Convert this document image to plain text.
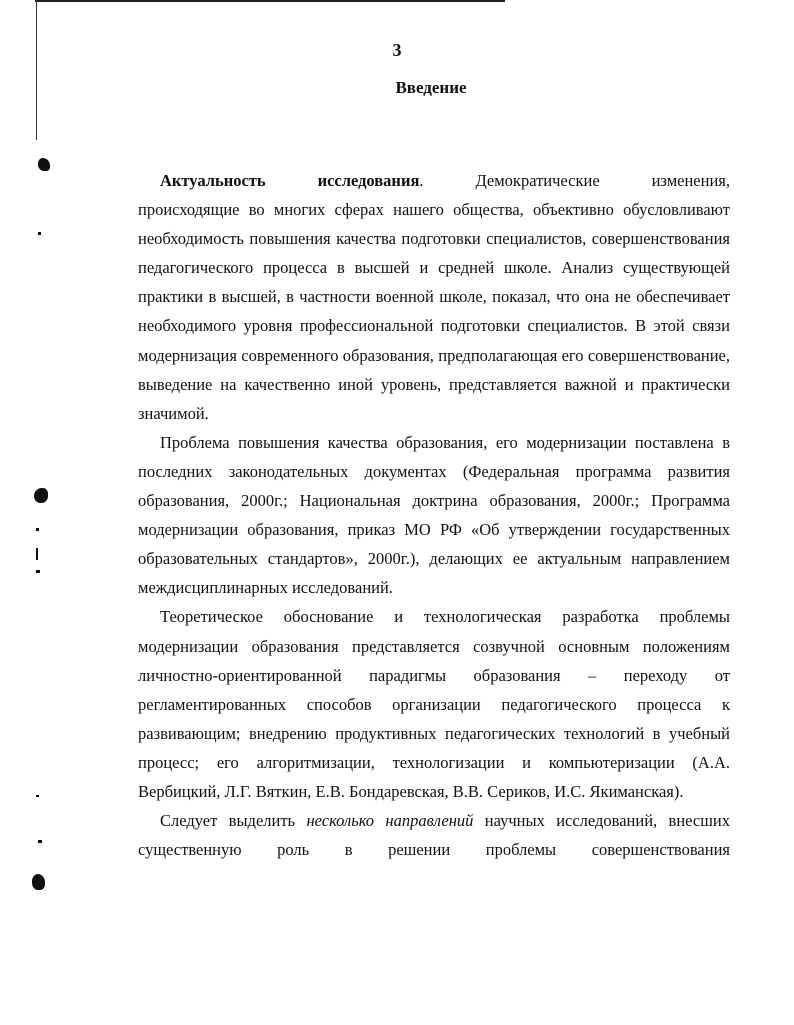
3
Введение

Актуальность исследования. Демократические изменения,

происходящие во многих сферах нашего общества, объективно обусловливают необходимость повышения качества подготовки специалистов, совершенствования педагогического процесса в высшей и средней школе. Анализ существующей практики в высшей, в частности военной школе, показал, что она не обеспечивает необходимого уровня профессиональной подготовки специалистов. В этой связи модернизация современного образования, предполагающая его совершенствование, выведение на качественно иной уровень, представляется важной и практически значимой.

Проблема повышения качества образования, его модернизации поставлена в последних законодательных документах (Федеральная программа развития образования, 2000г.; Национальная доктрина образования, 2000г.; Программа модернизации образования, приказ МО РФ «Об утверждении государственных образовательных стандартов», 2000г.), делающих ее актуальным направлением междисциплинарных исследований.

Теоретическое обоснование и технологическая разработка проблемы модернизации образования представляется созвучной основным положениям личностно-ориентированной парадигмы образования – переходу от регламентированных способов организации педагогического процесса к развивающим; внедрению продуктивных педагогических технологий в учебный процесс; его алгоритмизации, технологизации и компьютеризации (А.А. Вербицкий, Л.Г. Вяткин, Е.В. Бондаревская, В.В. Сериков, И.С. Якиманская).

Следует выделить несколько направлений научных исследований, внесших

существенную роль в решении проблемы совершенствования
